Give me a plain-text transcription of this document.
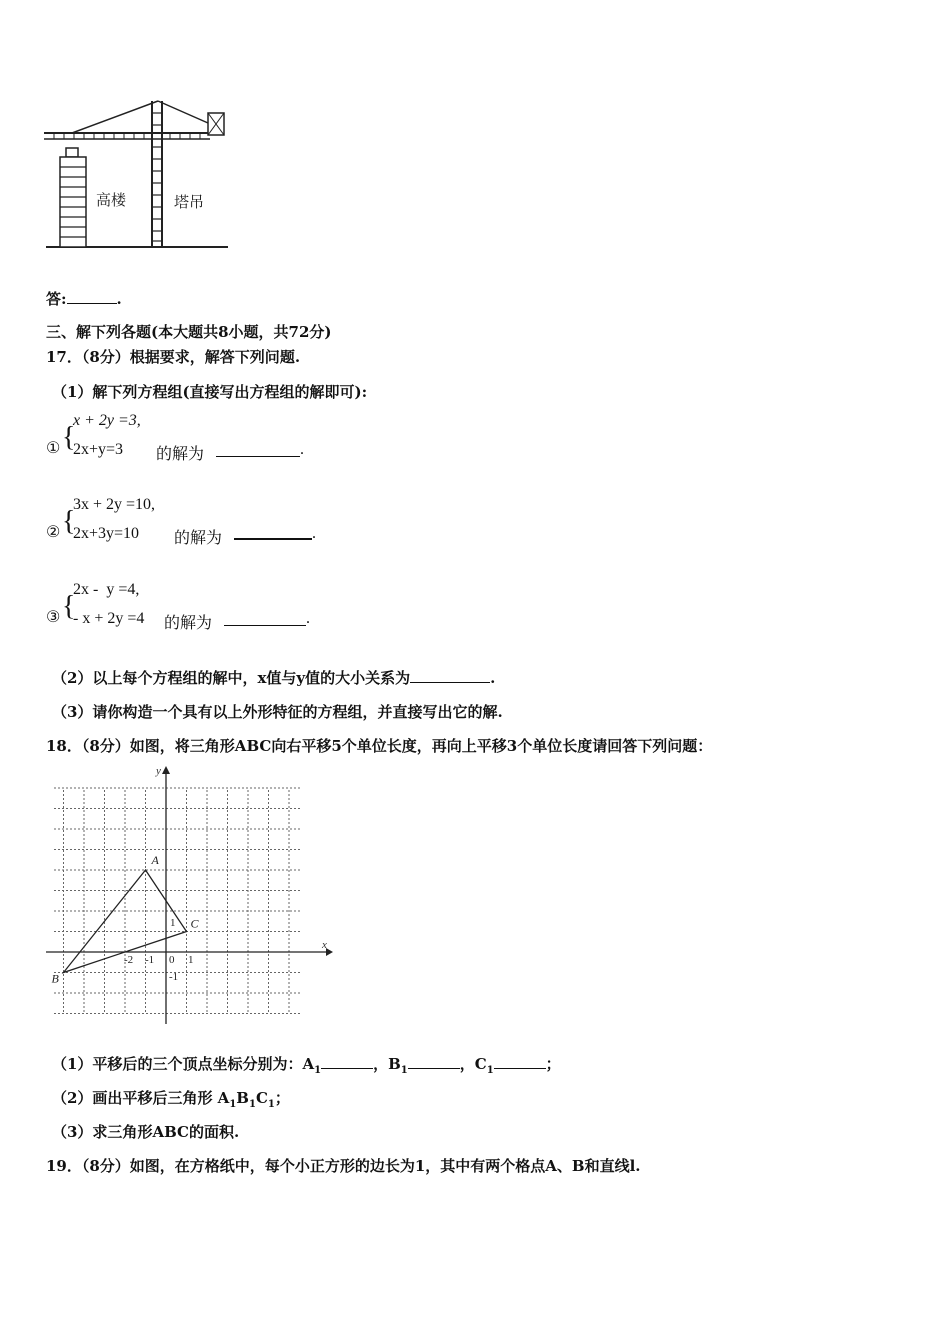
高楼	塔吊
答:	.
三、解下列各题(本大题共8小题，共72分)
17．（8分）根据要求，解答下列问题.
（1）解下列方程组(直接写出方程组的解即可):
① {
x + 2y =3,
2x+y=3 的解为	.
② {
3x + 2y =10,
2x+3y=10 的解为	.
③ {
2x -  y =4,
- x + 2y =4 的解为	.
（2）以上每个方程组的解中，x值与y值的大小关系为	.
（3）请你构造一个具有以上外形特征的方程组，并直接写出它的解.
18．（8分）如图，将三角形ABC向右平移5个单位长度，再向上平移3个单位长度请回答下列问题：
x
y
-2 -1 0 1
1
-1
A
B
C
（1）平移后的三个顶点坐标分别为：$A_1$	，$B_1$	，$C_1$	；
（2）画出平移后三角形 $A_1B_1C_1$；
（3）求三角形ABC的面积.
19．（8分）如图，在方格纸中，每个小正方形的边长为1，其中有两个格点A、B和直线l.
